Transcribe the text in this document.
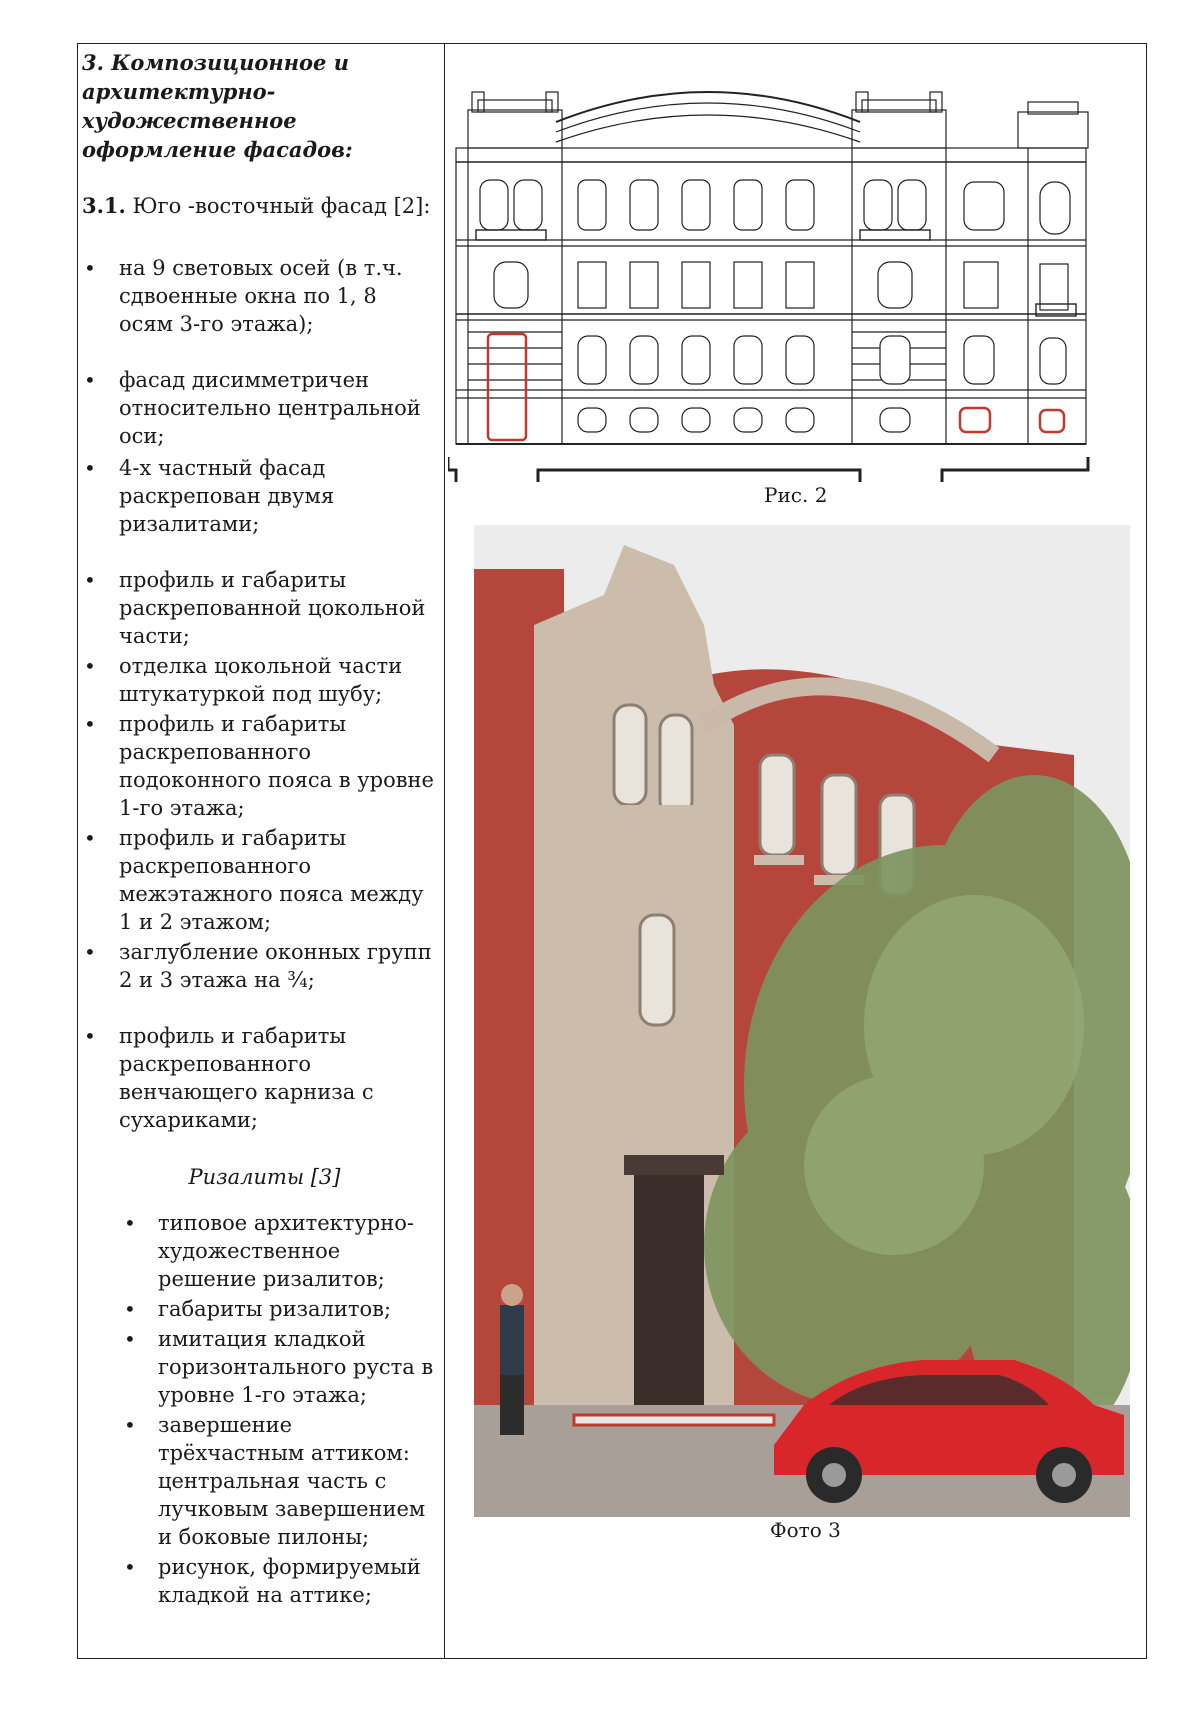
3. Композиционное и архитектурно-художественное оформление фасадов:

3.1. Юго -восточный фасад [2]:

• на 9 световых осей (в т.ч. сдвоенные окна по 1, 8 осям 3-го этажа);
• фасад дисимметричен относительно центральной оси;
• 4-х частный фасад раскрепован двумя ризалитами;
• профиль и габариты раскрепованной цокольной части;
• отделка цокольной части штукатуркой под шубу;
• профиль и габариты раскрепованного подоконного пояса в уровне 1-го этажа;
• профиль и габариты раскрепованного межэтажного пояса между 1 и 2 этажом;
• заглубление оконных групп 2 и 3 этажа на ¾;
• профиль и габариты раскрепованного венчающего карниза с сухариками;

Ризалиты [3]

• типовое архитектурно-художественное решение ризалитов;
• габариты ризалитов;
• имитация кладкой горизонтального руста в уровне 1-го этажа;
• завершение трёхчастным аттиком: центральная часть с лучковым завершением и боковые пилоны;
• рисунок, формируемый кладкой на аттике;
Рис. 2
Фото 3
